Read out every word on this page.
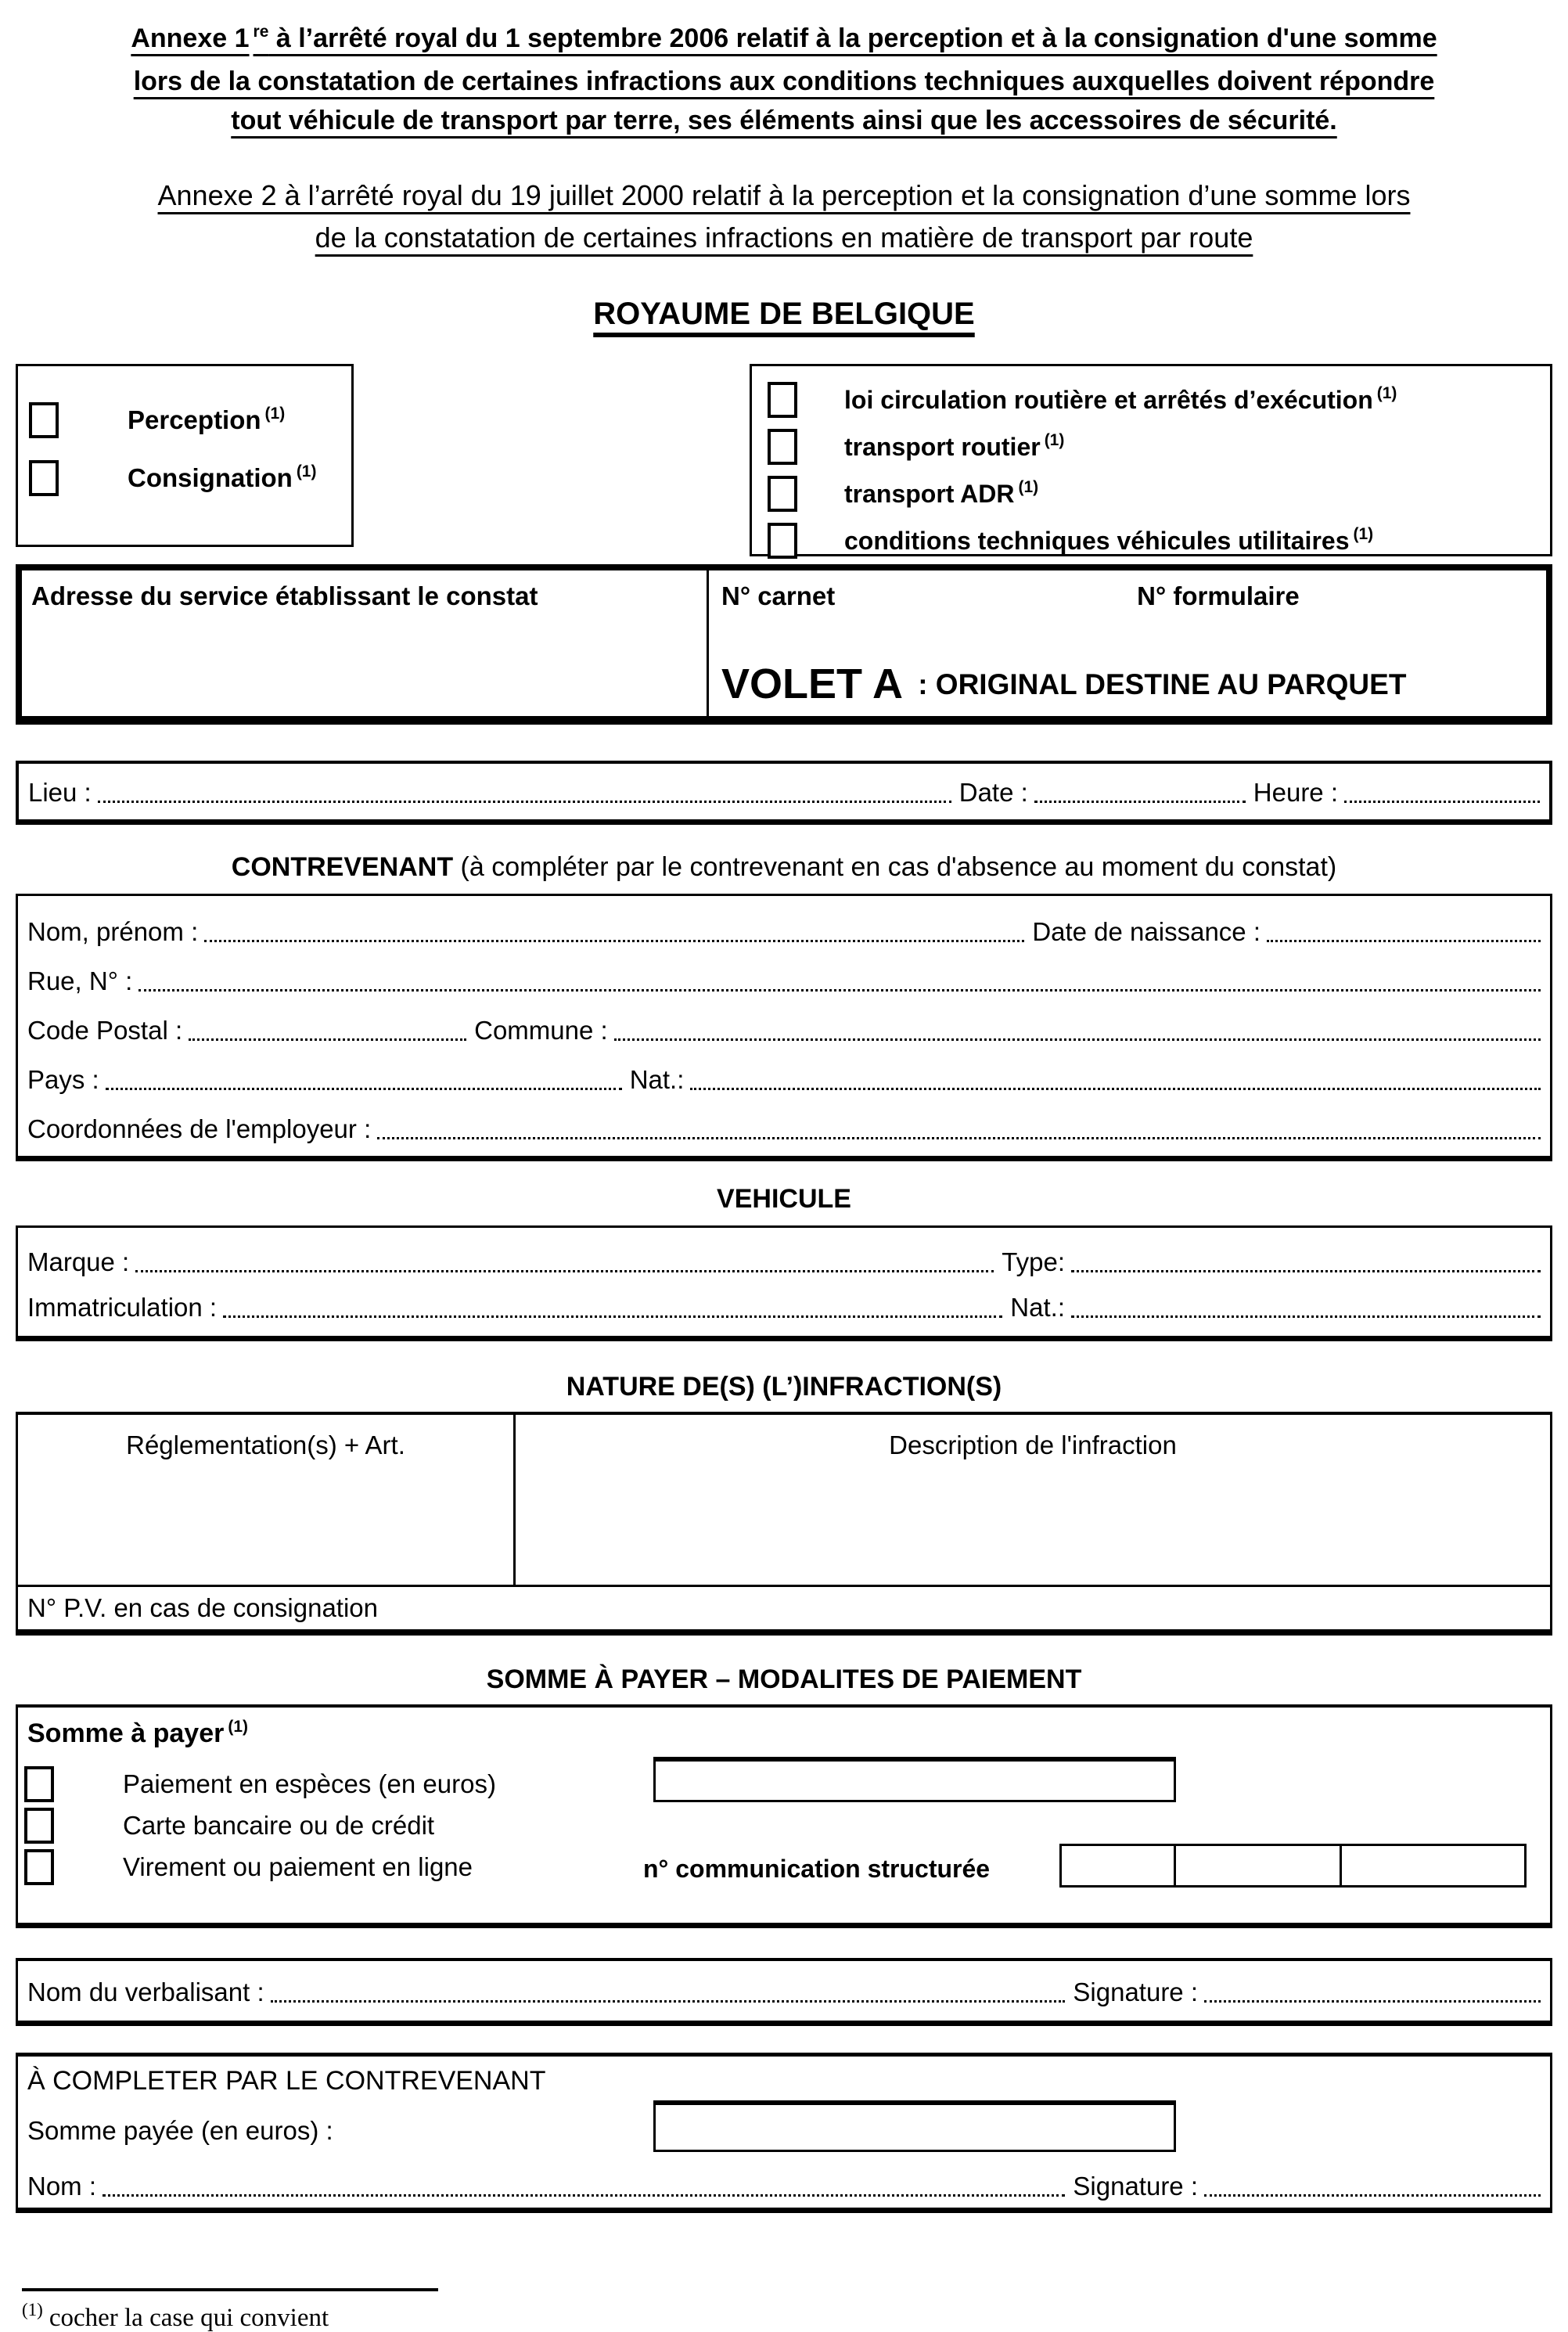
Annexe 1 $^{re}$ à l’arrêté royal du 1 septembre 2006 relatif à la perception et à la consignation d'une somme
lors de la constatation de certaines infractions aux conditions techniques auxquelles doivent répondre
tout véhicule de transport par terre, ses éléments ainsi que les accessoires de sécurité.
Annexe 2 à l’arrêté royal du 19 juillet 2000 relatif à la perception et la consignation d’une somme lors
de la constatation de certaines infractions en matière de transport par route
ROYAUME DE BELGIQUE
Perception $^{(1)}$
Consignation $^{(1)}$
loi circulation routière et arrêtés d’exécution $^{(1)}$
transport routier $^{(1)}$
transport ADR $^{(1)}$
conditions techniques véhicules utilitaires $^{(1)}$
Adresse du service établissant le constat	N° carnet	N° formulaire
VOLET A : ORIGINAL DESTINE AU PARQUET
Lieu :	Date :	Heure :
CONTREVENANT (à compléter par le contrevenant en cas d'absence au moment du constat)
Nom, prénom :	Date de naissance :
Rue, N° :
Code Postal :	Commune :
Pays :	Nat.:
Coordonnées de l'employeur :
VEHICULE
Marque :	Type:
Immatriculation :	Nat.:
NATURE DE(S) (L’)INFRACTION(S)
Réglementation(s) + Art.	Description de l'infraction
N° P.V. en cas de consignation
SOMME À PAYER – MODALITES DE PAIEMENT
Somme à payer $^{(1)}$
Paiement en espèces (en euros)
Carte bancaire ou de crédit
Virement ou paiement en ligne	n° communication structurée
Nom du verbalisant :	Signature :
À COMPLETER PAR LE CONTREVENANT
Somme payée (en euros) :
Nom :	Signature :
$^{(1)}$ cocher la case qui convient
